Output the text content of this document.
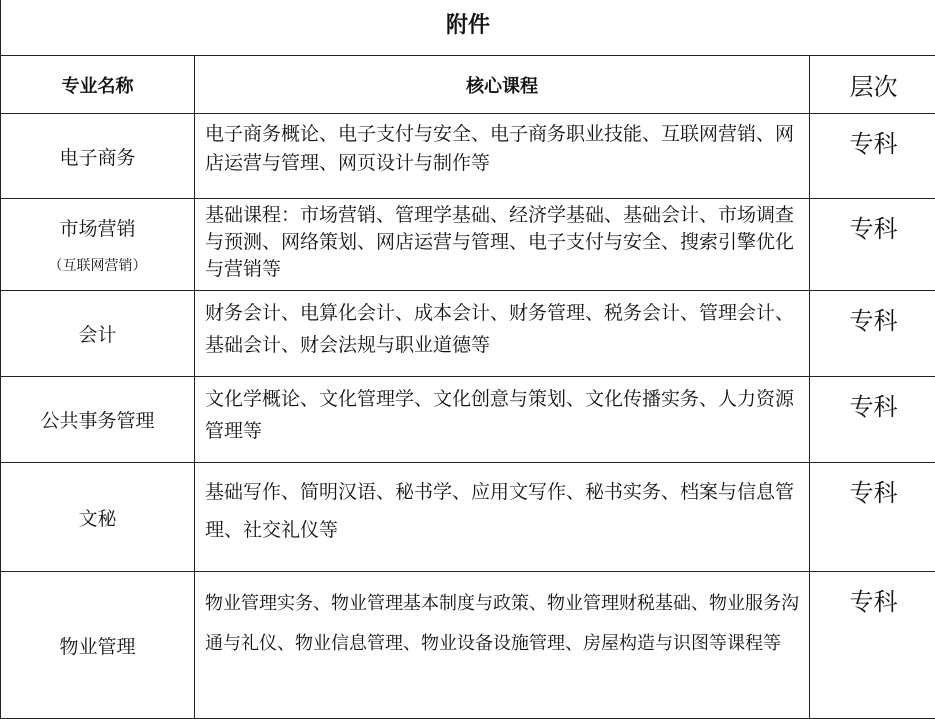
附件
专业名称	核心课程	层次

电子商务	电子商务概论、电子支付与安全、电子商务职业技能、互联网营销、网店运营与管理、网页设计与制作等	专科

市场营销
（互联网营销）	基础课程：市场营销、管理学基础、经济学基础、基础会计、市场调查与预测、网络策划、网店运营与管理、电子支付与安全、搜索引擎优化与营销等	专科

会计	财务会计、电算化会计、成本会计、财务管理、税务会计、管理会计、基础会计、财会法规与职业道德等	专科

公共事务管理	文化学概论、文化管理学、文化创意与策划、文化传播实务、人力资源管理等	专科

文秘	基础写作、简明汉语、秘书学、应用文写作、秘书实务、档案与信息管理、社交礼仪等	专科

物业管理	物业管理实务、物业管理基本制度与政策、物业管理财税基础、物业服务沟通与礼仪、物业信息管理、物业设备设施管理、房屋构造与识图等课程等	专科
